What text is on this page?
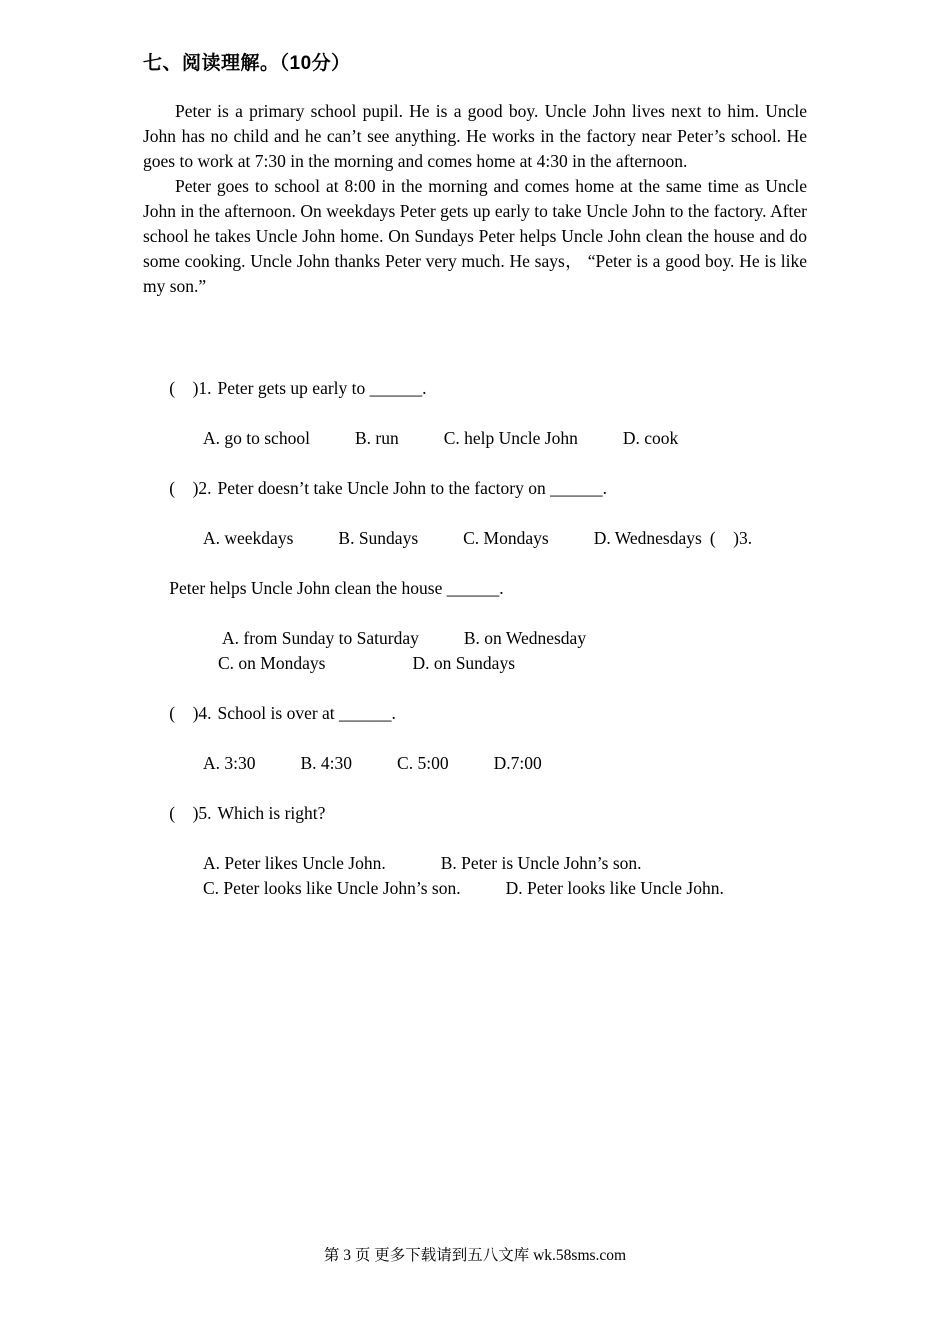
七、阅读理解。（10分）

Peter is a primary school pupil. He is a good boy. Uncle John lives next to him. Uncle John has no child and he can’t see anything. He works in the factory near Peter’s school. He goes to work at 7:30 in the morning and comes home at 4:30 in the afternoon.

Peter goes to school at 8:00 in the morning and comes home at the same time as Uncle John in the afternoon. On weekdays Peter gets up early to take Uncle John to the factory. After school he takes Uncle John home. On Sundays Peter helps Uncle John clean the house and do some cooking. Uncle John thanks Peter very much. He says， “Peter is a good boy. He is like my son.”

(    )1. Peter gets up early to ______.

A. go to school	B. run	C. help Uncle John	D. cook

(    )2. Peter doesn’t take Uncle John to the factory on ______.

A. weekdays	B. Sundays	C. Mondays	D. Wednesdays (    )3.

Peter helps Uncle John clean the house ______.

A. from Sunday to Saturday	B. on Wednesday
C. on Mondays	D. on Sundays

(    )4. School is over at ______.

A. 3:30	B. 4:30	C. 5:00	D.7:00

(    )5. Which is right?

A. Peter likes Uncle John.	B. Peter is Uncle John’s son.
C. Peter looks like Uncle John’s son.	D. Peter looks like Uncle John.
第 3 页 更多下载请到五八文库 wk.58sms.com
